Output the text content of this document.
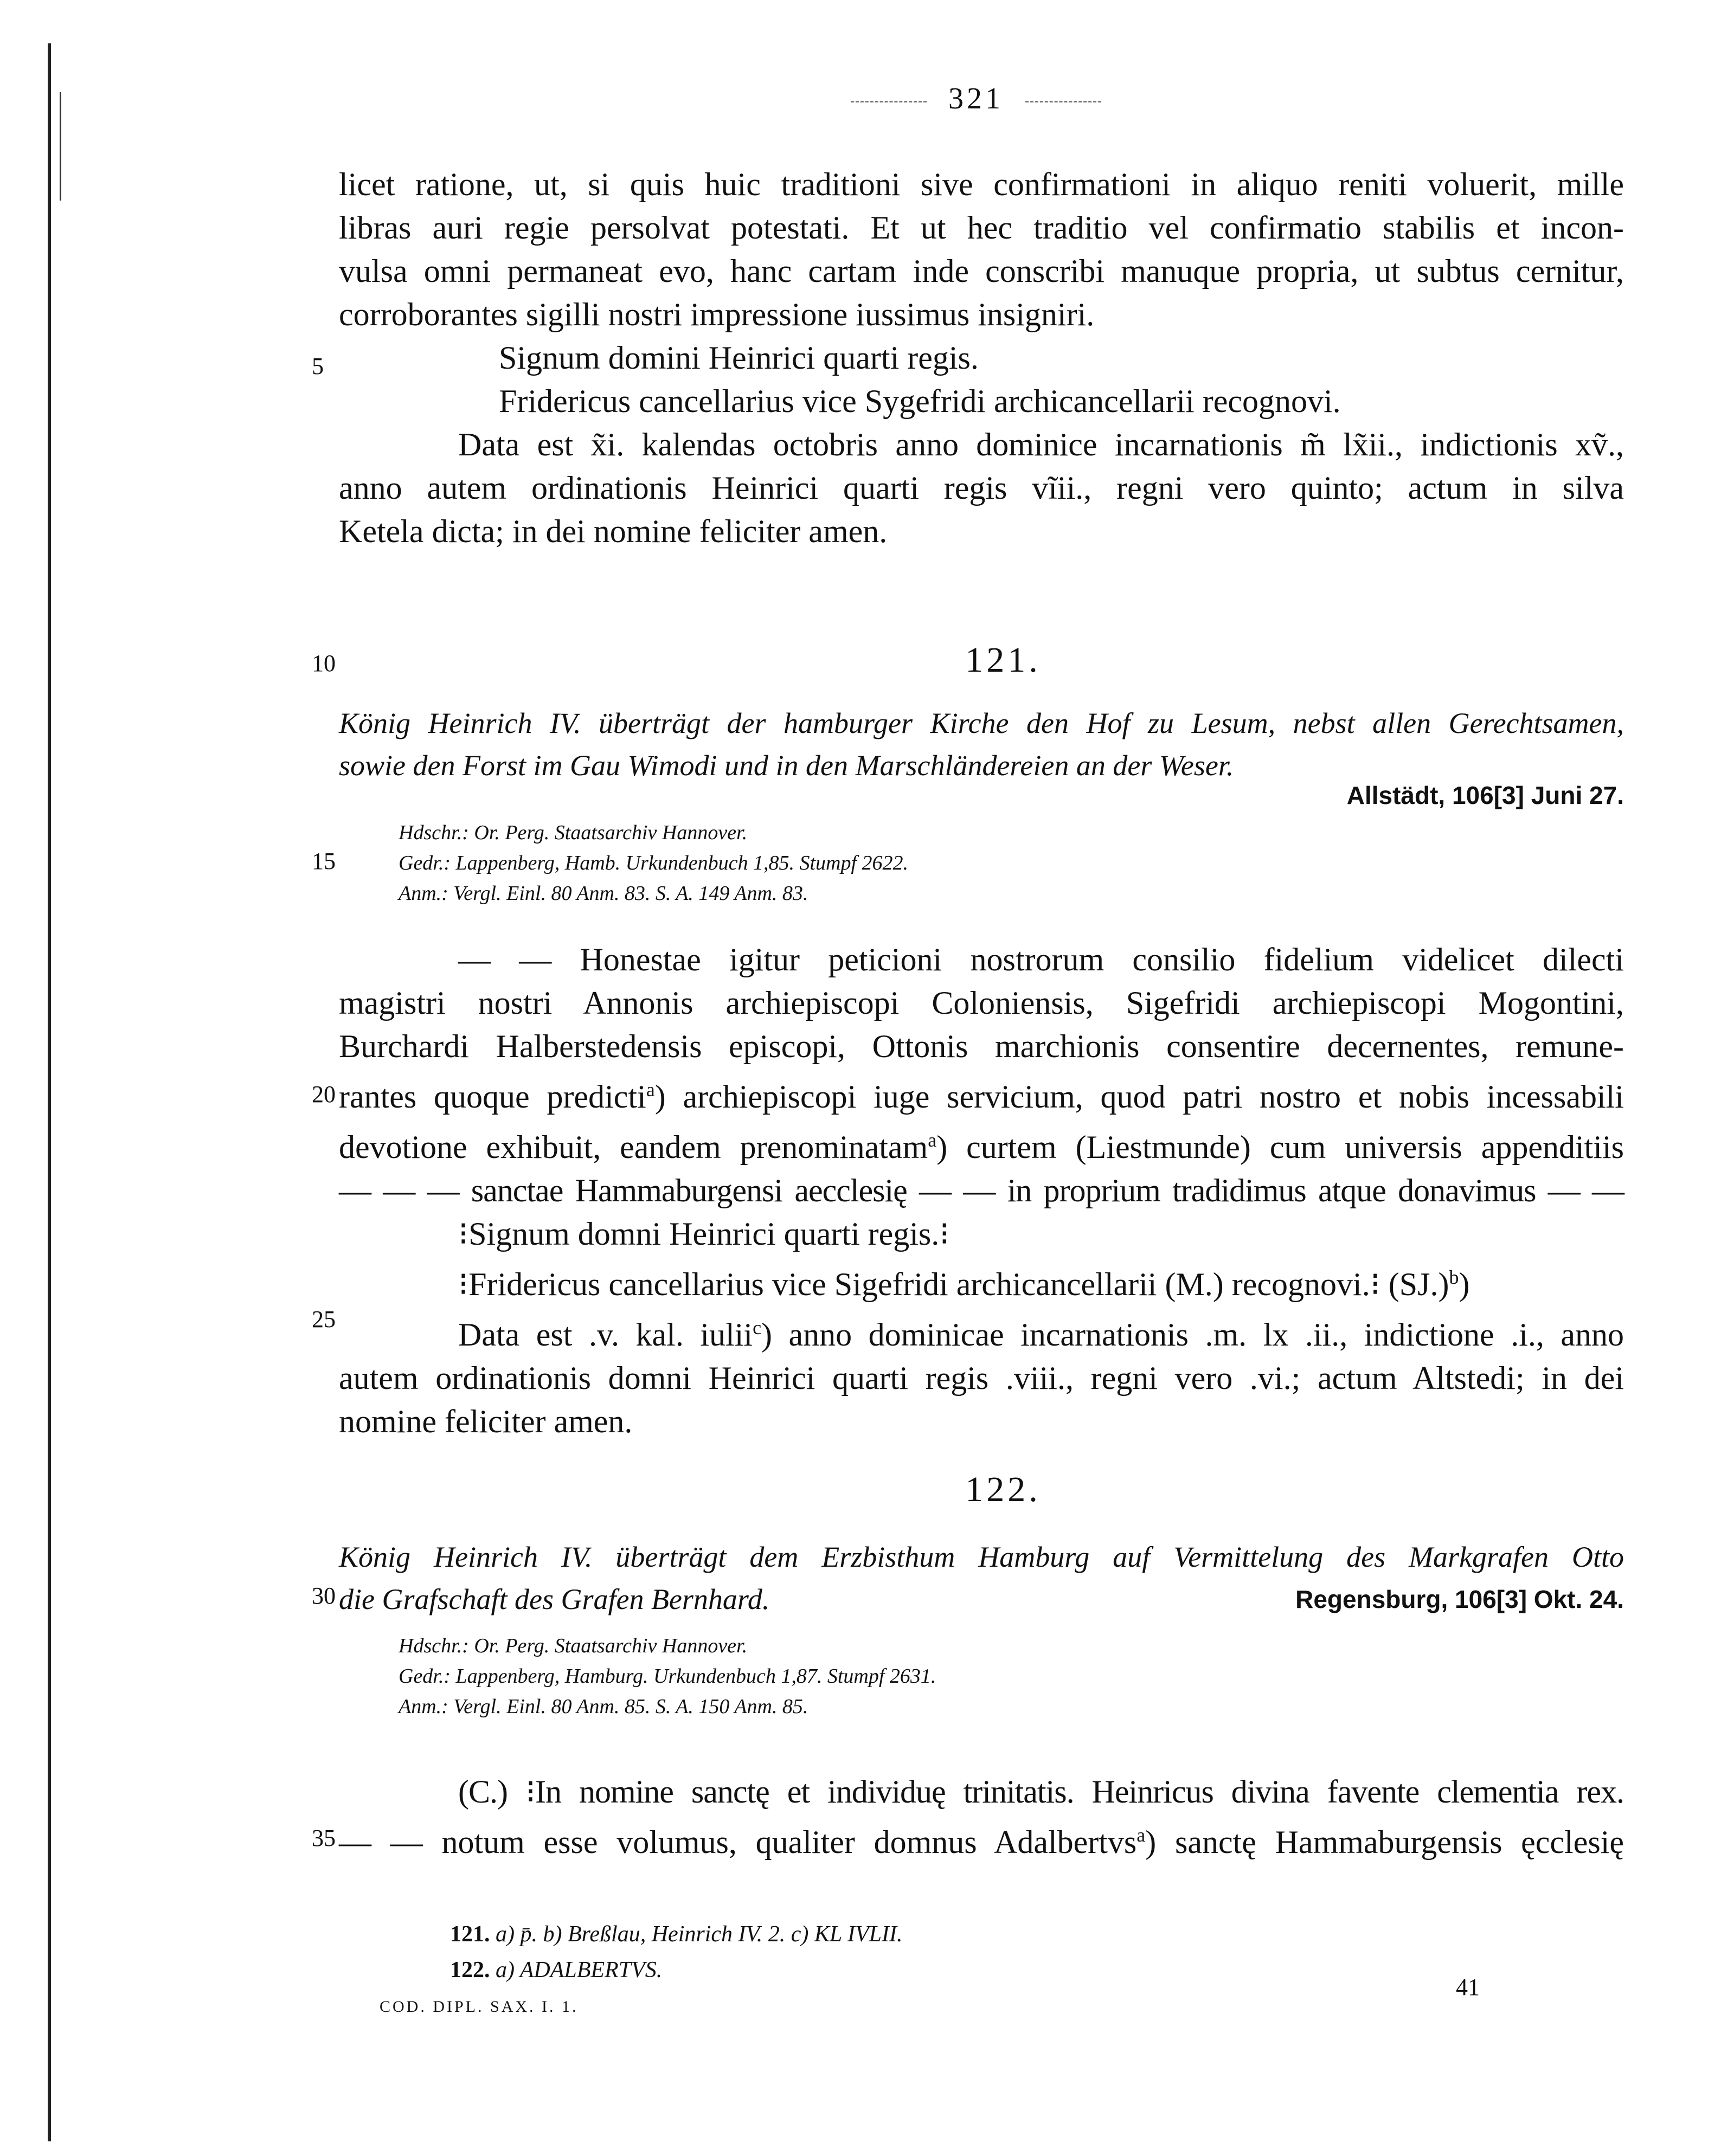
321
licet ratione, ut, si quis huic traditioni sive confirmationi in aliquo reniti voluerit, mille
libras auri regie persolvat potestati. Et ut hec traditio vel confirmatio stabilis et incon-
vulsa omni permaneat evo, hanc cartam inde conscribi manuque propria, ut subtus cernitur,
corroborantes sigilli nostri impressione iussimus insigniri.
Signum domini Heinrici quarti regis.
Fridericus cancellarius vice Sygefridi archicancellarii recognovi.
Data est x̃i. kalendas octobris anno dominice incarnationis m̃ lx̃ii., indictionis xṽ.,
anno autem ordinationis Heinrici quarti regis vĩii., regni vero quinto; actum in silva
Ketela dicta; in dei nomine feliciter amen.
5
10
15
20
25
30
35
121.
König Heinrich IV. überträgt der hamburger Kirche den Hof zu Lesum, nebst allen Gerechtsamen,
sowie den Forst im Gau Wimodi und in den Marschländereien an der Weser.
Allstädt, 106[3] Juni 27.
Hdschr.: Or. Perg. Staatsarchiv Hannover.
Gedr.: Lappenberg, Hamb. Urkundenbuch 1,85. Stumpf 2622.
Anm.: Vergl. Einl. 80 Anm. 83. S. A. 149 Anm. 83.
— — Honestae igitur peticioni nostrorum consilio fidelium videlicet dilecti
magistri nostri Annonis archiepiscopi Coloniensis, Sigefridi archiepiscopi Mogontini,
Burchardi Halberstedensis episcopi, Ottonis marchionis consentire decernentes, remune-
rantes quoque predicti$^a$) archiepiscopi iuge servicium, quod patri nostro et nobis incessabili
devotione exhibuit, eandem prenominatam$^a$) curtem (Liestmunde) cum universis appenditiis
— — — sanctae Hammaburgensi aecclesię — — in proprium tradidimus atque donavimus — —
⁝Signum domni Heinrici quarti regis.⁝
⁝Fridericus cancellarius vice Sigefridi archicancellarii (M.) recognovi.⁝ $(SJ.)^b$)
Data est .v. kal. iulii$^c$) anno dominicae incarnationis .m. lx .ii., indictione .i., anno
autem ordinationis domni Heinrici quarti regis .viii., regni vero .vi.; actum Altstedi; in dei
nomine feliciter amen.
122.
König Heinrich IV. überträgt dem Erzbisthum Hamburg auf Vermittelung des Markgrafen Otto
die Grafschaft des Grafen Bernhard.	Regensburg, 106[3] Okt. 24.
Hdschr.: Or. Perg. Staatsarchiv Hannover.
Gedr.: Lappenberg, Hamburg. Urkundenbuch 1,87. Stumpf 2631.
Anm.: Vergl. Einl. 80 Anm. 85. S. A. 150 Anm. 85.
(C.) ⁝In nomine sanctę et individuę trinitatis. Heinricus divina favente clementia rex.
— — notum esse volumus, qualiter domnus Adalbertvs$^a$) sanctę Hammaburgensis ęcclesię
121. a) p̄. b) Breßlau, Heinrich IV. 2. c) KL IVLII.
122. a) ADALBERTVS.
COD. DIPL. SAX. I. 1.
41
